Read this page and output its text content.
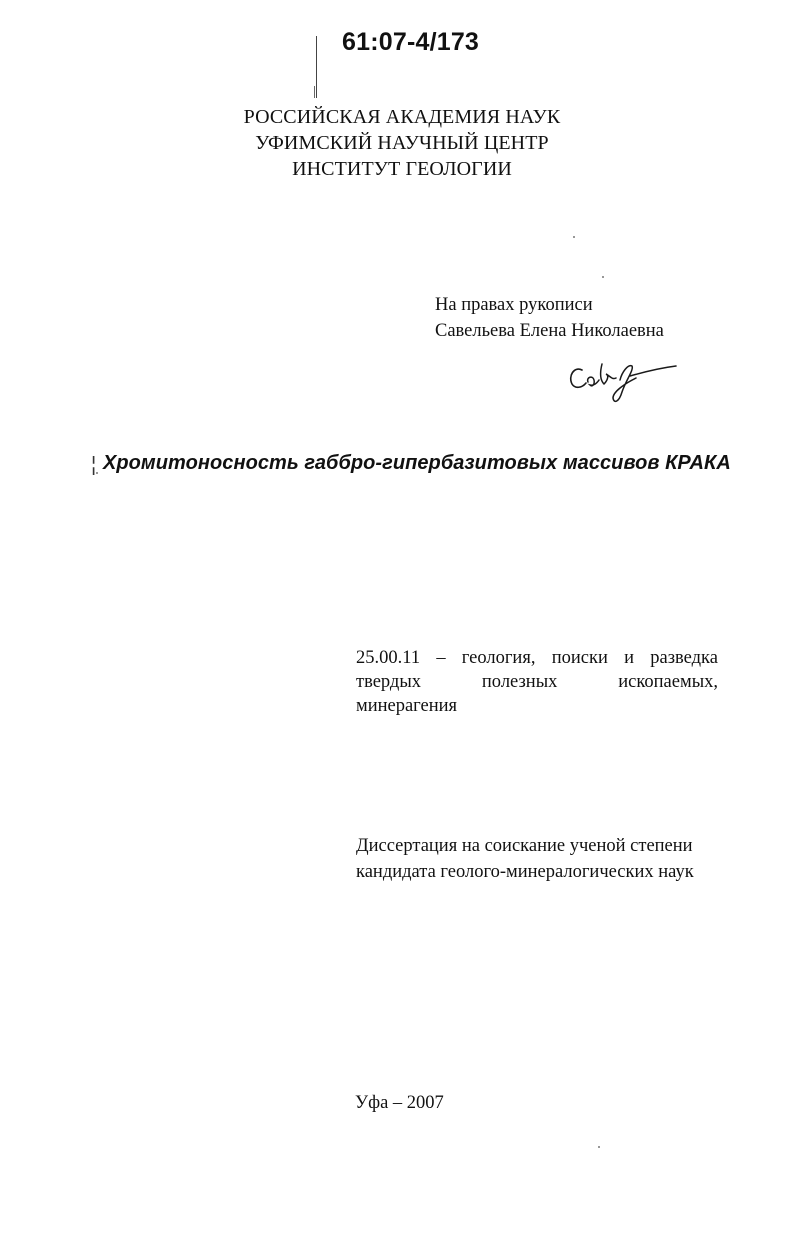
61:07-4/173
РОССИЙСКАЯ АКАДЕМИЯ НАУК
УФИМСКИЙ НАУЧНЫЙ ЦЕНТР
ИНСТИТУТ ГЕОЛОГИИ
На правах рукописи
Савельева Елена Николаевна
¦ Хромитоносность габбро-гипербазитовых массивов КРАКА
25.00.11 – геология, поиски и разведка
твердых	полезных	ископаемых,
минерагения
Диссертация на соискание ученой степени
кандидата геолого-минералогических наук
Уфа – 2007
